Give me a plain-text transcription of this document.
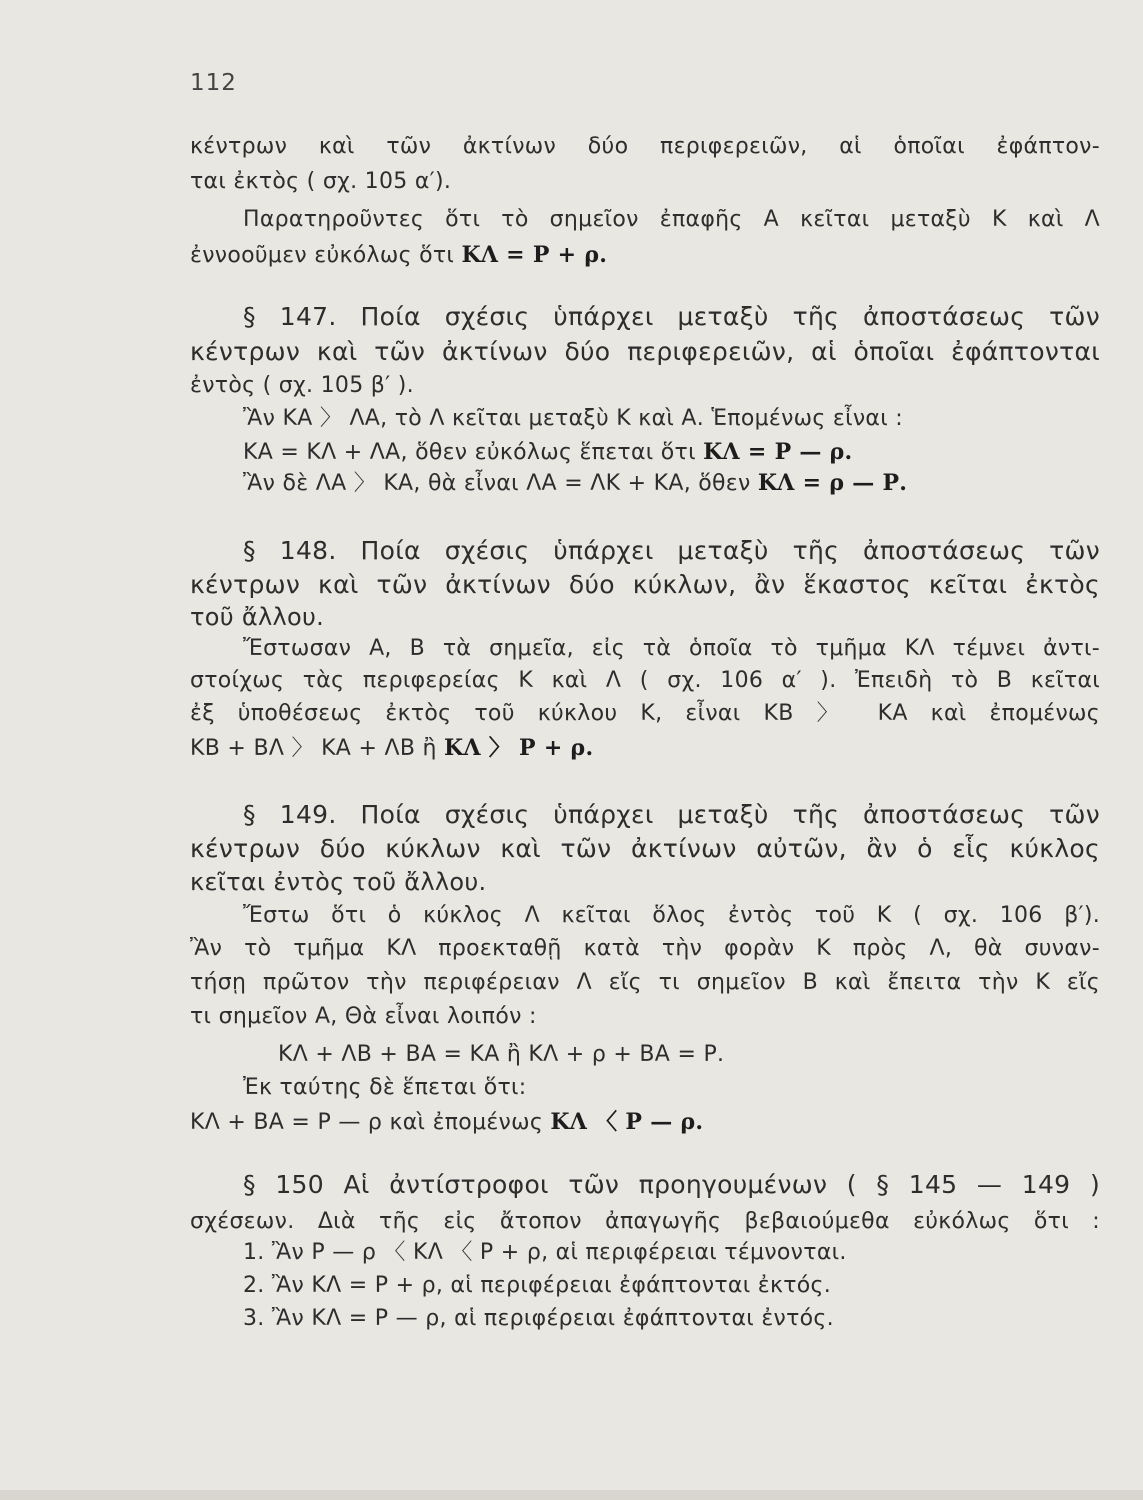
112
κέντρων καὶ τῶν ἀκτίνων δύο περιφερειῶν, αἱ ὁποῖαι ἐφάπτον-
ται ἐκτὸς ( σχ. 105 α′).
Παρατηροῦντες ὅτι τὸ σημεῖον ἐπαφῆς Α κεῖται μεταξὺ Κ καὶ Λ
ἐννοοῦμεν εὐκόλως ὅτι ΚΛ = Ρ + ρ.
§ 147. Ποία σχέσις ὑπάρχει μεταξὺ τῆς ἀποστάσεως τῶν
κέντρων καὶ τῶν ἀκτίνων δύο περιφερειῶν, αἱ ὁποῖαι ἐφάπτονται
ἐντὸς ( σχ. 105 β′ ).
Ἂν ΚΑ 〉 ΛΑ, τὸ Λ κεῖται μεταξὺ Κ καὶ Α. Ἑπομένως εἶναι :
ΚΑ = ΚΛ + ΛΑ, ὅθεν εὐκόλως ἕπεται ὅτι ΚΛ = Ρ — ρ.
Ἂν δὲ ΛΑ 〉 ΚΑ, θὰ εἶναι ΛΑ = ΛΚ + ΚΑ, ὅθεν ΚΛ = ρ — Ρ.
§ 148. Ποία σχέσις ὑπάρχει μεταξὺ τῆς ἀποστάσεως τῶν
κέντρων καὶ τῶν ἀκτίνων δύο κύκλων, ἂν ἕκαστος κεῖται ἐκτὸς
τοῦ ἄλλου.
Ἔστωσαν Α, Β τὰ σημεῖα, εἰς τὰ ὁποῖα τὸ τμῆμα ΚΛ τέμνει ἀντι-
στοίχως τὰς περιφερείας Κ καὶ Λ ( σχ. 106 α′ ). Ἐπειδὴ τὸ Β κεῖται
ἐξ ὑποθέσεως ἐκτὸς τοῦ κύκλου Κ, εἶναι ΚΒ 〉 ΚΑ καὶ ἐπομένως
ΚΒ + ΒΛ 〉 ΚΑ + ΛΒ ἢ ΚΛ 〉 Ρ + ρ.
§ 149. Ποία σχέσις ὑπάρχει μεταξὺ τῆς ἀποστάσεως τῶν
κέντρων δύο κύκλων καὶ τῶν ἀκτίνων αὐτῶν, ἂν ὁ εἷς κύκλος
κεῖται ἐντὸς τοῦ ἄλλου.
Ἔστω ὅτι ὁ κύκλος Λ κεῖται ὅλος ἐντὸς τοῦ Κ ( σχ. 106 β′).
Ἂν τὸ τμῆμα ΚΛ προεκταθῇ κατὰ τὴν φορὰν Κ πρὸς Λ, θὰ συναν-
τήσῃ πρῶτον τὴν περιφέρειαν Λ εἴς τι σημεῖον Β καὶ ἔπειτα τὴν Κ εἴς
τι σημεῖον Α, Θὰ εἶναι λοιπόν :
ΚΛ + ΛΒ + ΒΑ = ΚΑ ἢ ΚΛ + ρ + ΒΑ = Ρ.
Ἐκ ταύτης δὲ ἕπεται ὅτι:
ΚΛ + ΒΑ = Ρ — ρ καὶ ἐπομένως ΚΛ 〈 Ρ — ρ.
§ 150 Αἱ ἀντίστροφοι τῶν προηγουμένων ( § 145 — 149 )
σχέσεων. Διὰ τῆς εἰς ἄτοπον ἀπαγωγῆς βεβαιούμεθα εὐκόλως ὅτι :
1. Ἂν Ρ — ρ 〈 ΚΛ 〈 Ρ + ρ, αἱ περιφέρειαι τέμνονται.
2. Ἂν ΚΛ = Ρ + ρ, αἱ περιφέρειαι ἐφάπτονται ἐκτός.
3. Ἂν ΚΛ = Ρ — ρ, αἱ περιφέρειαι ἐφάπτονται ἐντός.
